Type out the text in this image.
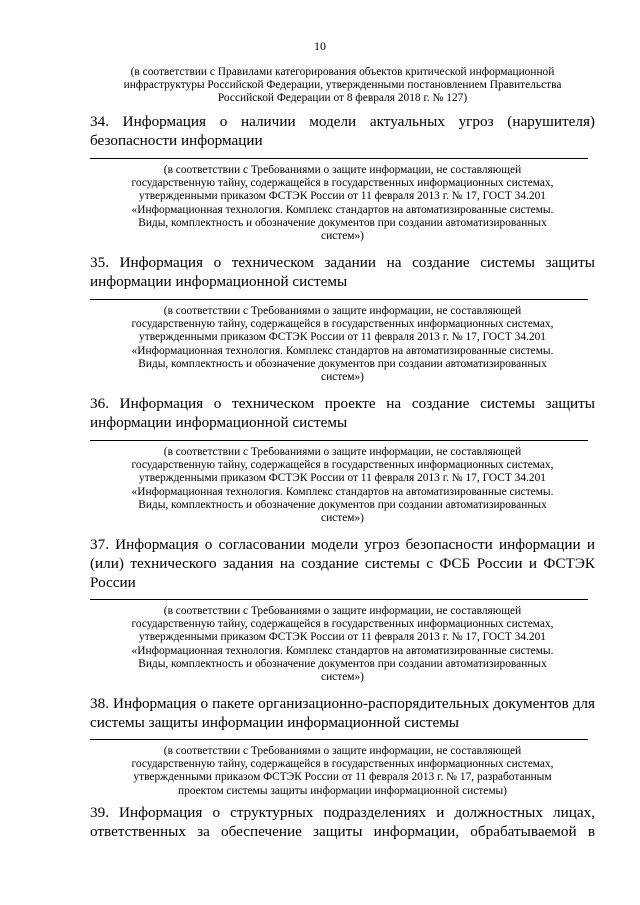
10
(в соответствии с Правилами категорирования объектов критической информационной
инфраструктуры Российской Федерации, утвержденными постановлением Правительства
Российской Федерации от 8 февраля 2018 г. № 127)
34. Информация о наличии модели актуальных угроз (нарушителя)
безопасности информации
(в соответствии с Требованиями о защите информации, не составляющей
государственную тайну, содержащейся в государственных информационных системах,
утвержденными приказом ФСТЭК России от 11 февраля 2013 г. № 17, ГОСТ 34.201
«Информационная технология. Комплекс стандартов на автоматизированные системы.
Виды, комплектность и обозначение документов при создании автоматизированных
систем»)
35. Информация о техническом задании на создание системы защиты
информации информационной системы
(в соответствии с Требованиями о защите информации, не составляющей
государственную тайну, содержащейся в государственных информационных системах,
утвержденными приказом ФСТЭК России от 11 февраля 2013 г. № 17, ГОСТ 34.201
«Информационная технология. Комплекс стандартов на автоматизированные системы.
Виды, комплектность и обозначение документов при создании автоматизированных
систем»)
36. Информация о техническом проекте на создание системы защиты
информации информационной системы
(в соответствии с Требованиями о защите информации, не составляющей
государственную тайну, содержащейся в государственных информационных системах,
утвержденными приказом ФСТЭК России от 11 февраля 2013 г. № 17, ГОСТ 34.201
«Информационная технология. Комплекс стандартов на автоматизированные системы.
Виды, комплектность и обозначение документов при создании автоматизированных
систем»)
37. Информация о согласовании модели угроз безопасности информации и
(или) технического задания на создание системы с ФСБ России и ФСТЭК
России
(в соответствии с Требованиями о защите информации, не составляющей
государственную тайну, содержащейся в государственных информационных системах,
утвержденными приказом ФСТЭК России от 11 февраля 2013 г. № 17, ГОСТ 34.201
«Информационная технология. Комплекс стандартов на автоматизированные системы.
Виды, комплектность и обозначение документов при создании автоматизированных
систем»)
38. Информация о пакете организационно-распорядительных документов для
системы защиты информации информационной системы
(в соответствии с Требованиями о защите информации, не составляющей
государственную тайну, содержащейся в государственных информационных системах,
утвержденными приказом ФСТЭК России от 11 февраля 2013 г. № 17, разработанным
проектом системы защиты информации информационной системы)
39. Информация о структурных подразделениях и должностных лицах,
ответственных за обеспечение защиты информации, обрабатываемой в
